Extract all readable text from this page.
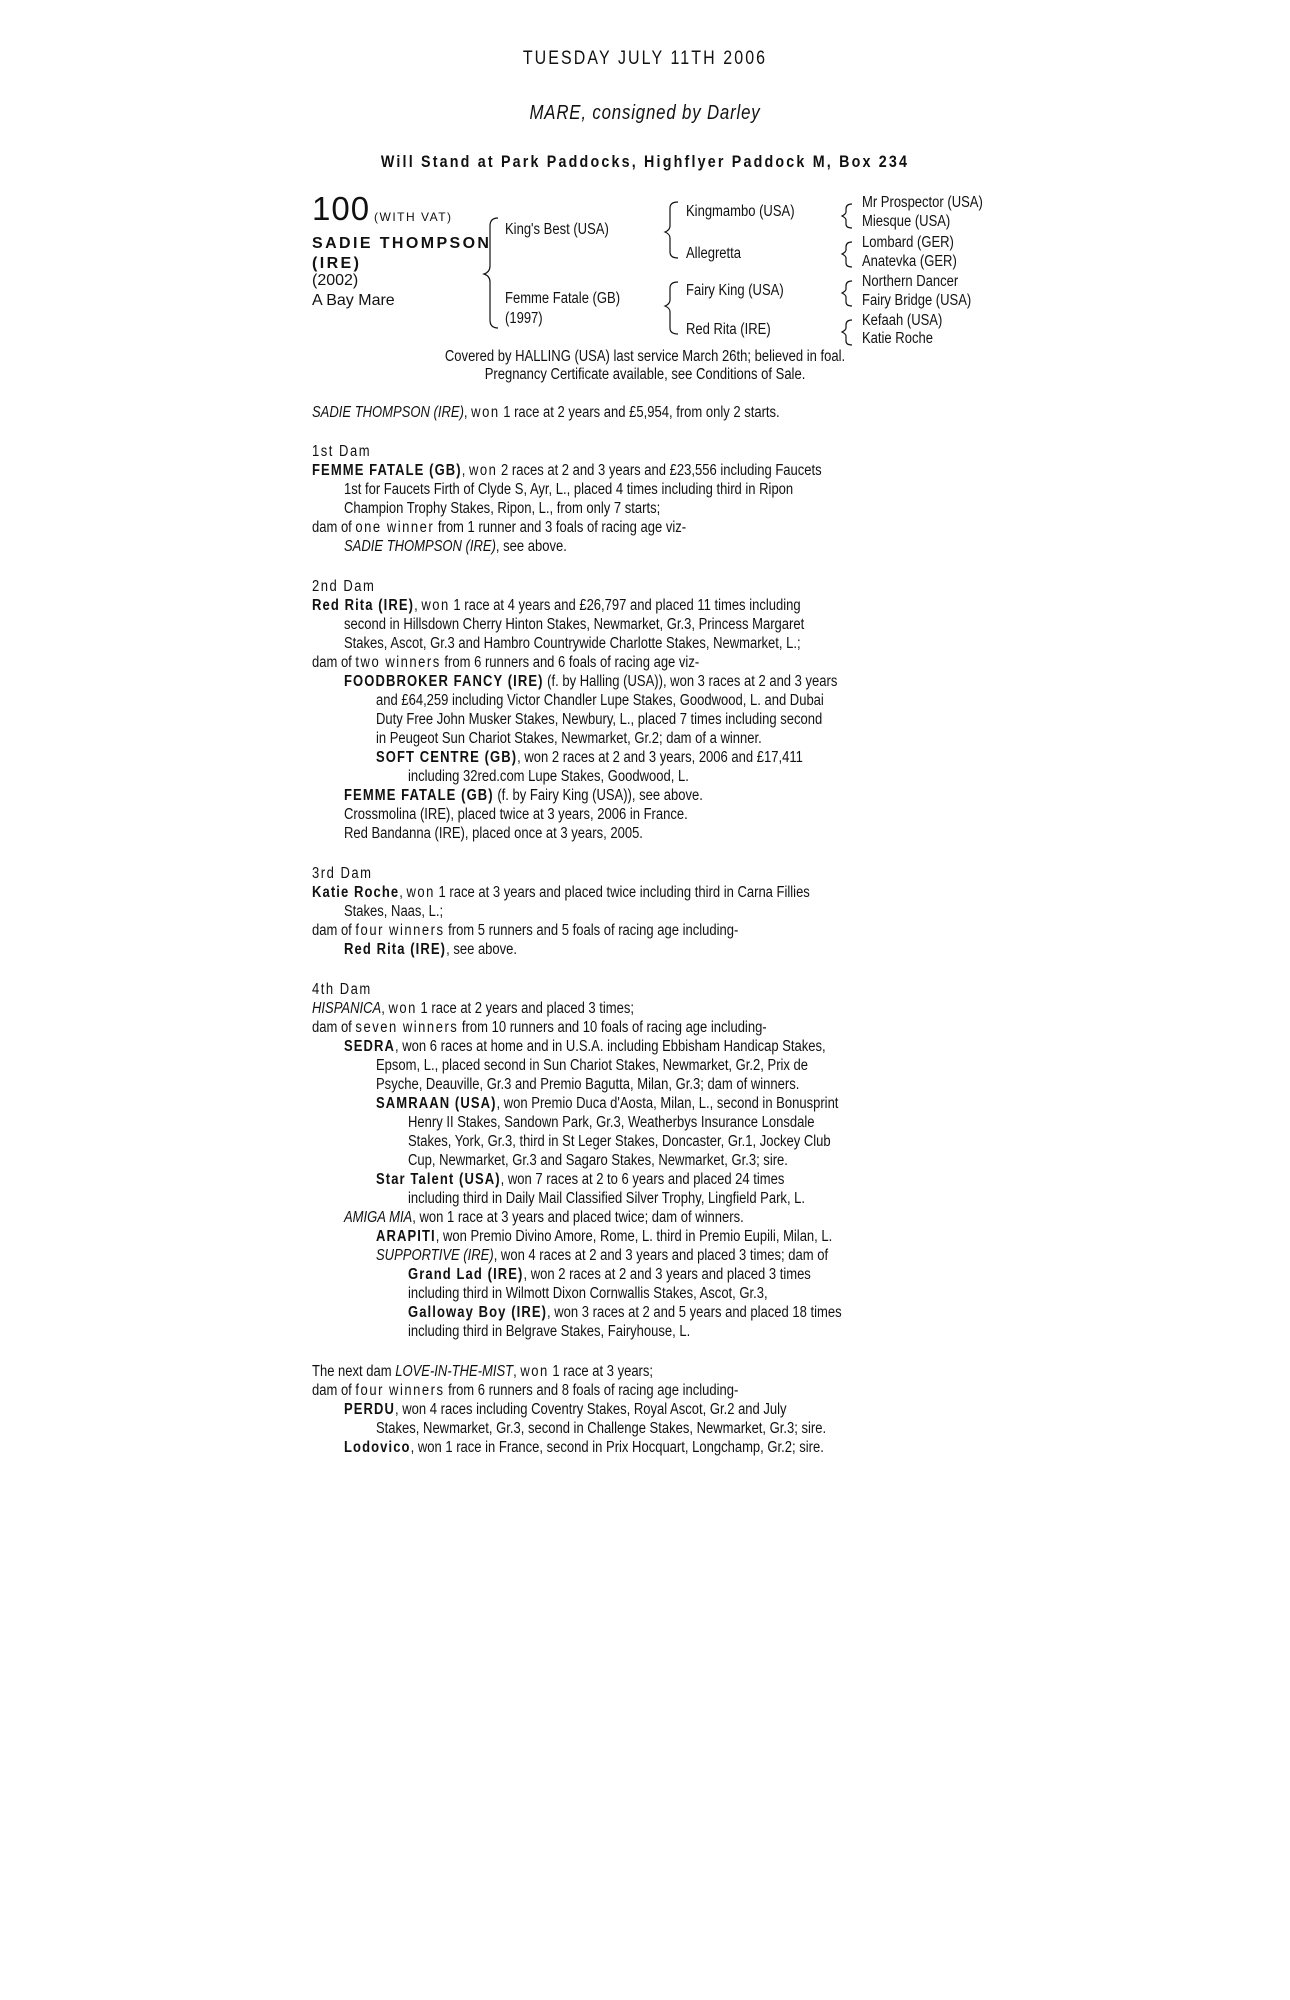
TUESDAY JULY 11TH 2006
MARE, consigned by Darley
Will Stand at Park Paddocks, Highflyer Paddock M, Box 234
100 (WITH VAT)
SADIE THOMPSON
(IRE)
(2002)
A Bay Mare
King's Best (USA)
Femme Fatale (GB)
(1997)
Kingmambo (USA)
Allegretta
Fairy King (USA)
Red Rita (IRE)
Mr Prospector (USA)
Miesque (USA)
Lombard (GER)
Anatevka (GER)
Northern Dancer
Fairy Bridge (USA)
Kefaah (USA)
Katie Roche
Covered by HALLING (USA) last service March 26th; believed in foal.
Pregnancy Certificate available, see Conditions of Sale.
SADIE THOMPSON (IRE), won 1 race at 2 years and £5,954, from only 2 starts.
1st Dam
FEMME FATALE (GB), won 2 races at 2 and 3 years and £23,556 including Faucets
1st for Faucets Firth of Clyde S, Ayr, L., placed 4 times including third in Ripon
Champion Trophy Stakes, Ripon, L., from only 7 starts;
dam of one winner from 1 runner and 3 foals of racing age viz-
SADIE THOMPSON (IRE), see above.
2nd Dam
Red Rita (IRE), won 1 race at 4 years and £26,797 and placed 11 times including
second in Hillsdown Cherry Hinton Stakes, Newmarket, Gr.3, Princess Margaret
Stakes, Ascot, Gr.3 and Hambro Countrywide Charlotte Stakes, Newmarket, L.;
dam of two winners from 6 runners and 6 foals of racing age viz-
FOODBROKER FANCY (IRE) (f. by Halling (USA)), won 3 races at 2 and 3 years
and £64,259 including Victor Chandler Lupe Stakes, Goodwood, L. and Dubai
Duty Free John Musker Stakes, Newbury, L., placed 7 times including second
in Peugeot Sun Chariot Stakes, Newmarket, Gr.2; dam of a winner.
SOFT CENTRE (GB), won 2 races at 2 and 3 years, 2006 and £17,411
including 32red.com Lupe Stakes, Goodwood, L.
FEMME FATALE (GB) (f. by Fairy King (USA)), see above.
Crossmolina (IRE), placed twice at 3 years, 2006 in France.
Red Bandanna (IRE), placed once at 3 years, 2005.
3rd Dam
Katie Roche, won 1 race at 3 years and placed twice including third in Carna Fillies
Stakes, Naas, L.;
dam of four winners from 5 runners and 5 foals of racing age including-
Red Rita (IRE), see above.
4th Dam
HISPANICA, won 1 race at 2 years and placed 3 times;
dam of seven winners from 10 runners and 10 foals of racing age including-
SEDRA, won 6 races at home and in U.S.A. including Ebbisham Handicap Stakes,
Epsom, L., placed second in Sun Chariot Stakes, Newmarket, Gr.2, Prix de
Psyche, Deauville, Gr.3 and Premio Bagutta, Milan, Gr.3; dam of winners.
SAMRAAN (USA), won Premio Duca d'Aosta, Milan, L., second in Bonusprint
Henry II Stakes, Sandown Park, Gr.3, Weatherbys Insurance Lonsdale
Stakes, York, Gr.3, third in St Leger Stakes, Doncaster, Gr.1, Jockey Club
Cup, Newmarket, Gr.3 and Sagaro Stakes, Newmarket, Gr.3; sire.
Star Talent (USA), won 7 races at 2 to 6 years and placed 24 times
including third in Daily Mail Classified Silver Trophy, Lingfield Park, L.
AMIGA MIA, won 1 race at 3 years and placed twice; dam of winners.
ARAPITI, won Premio Divino Amore, Rome, L. third in Premio Eupili, Milan, L.
SUPPORTIVE (IRE), won 4 races at 2 and 3 years and placed 3 times; dam of
Grand Lad (IRE), won 2 races at 2 and 3 years and placed 3 times
including third in Wilmott Dixon Cornwallis Stakes, Ascot, Gr.3,
Galloway Boy (IRE), won 3 races at 2 and 5 years and placed 18 times
including third in Belgrave Stakes, Fairyhouse, L.
The next dam LOVE-IN-THE-MIST, won 1 race at 3 years;
dam of four winners from 6 runners and 8 foals of racing age including-
PERDU, won 4 races including Coventry Stakes, Royal Ascot, Gr.2 and July
Stakes, Newmarket, Gr.3, second in Challenge Stakes, Newmarket, Gr.3; sire.
Lodovico, won 1 race in France, second in Prix Hocquart, Longchamp, Gr.2; sire.
